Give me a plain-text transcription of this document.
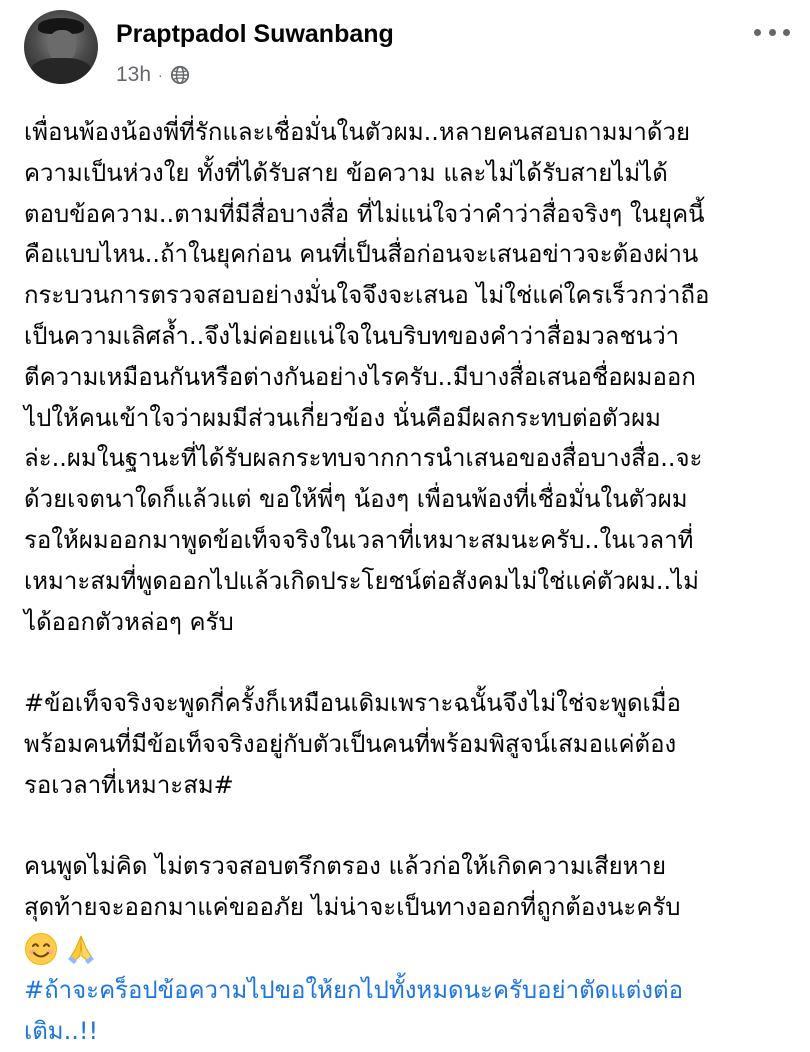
Praptpadol Suwanbang
13h ·

เพื่อนพ้องน้องพี่ที่รักและเชื่อมั่นในตัวผม..หลายคนสอบถามมาด้วย
ความเป็นห่วงใย ทั้งที่ได้รับสาย ข้อความ และไม่ได้รับสายไม่ได้
ตอบข้อความ..ตามที่มีสื่อบางสื่อ ที่ไม่แน่ใจว่าคำว่าสื่อจริงๆ ในยุคนี้
คือแบบไหน..ถ้าในยุคก่อน คนที่เป็นสื่อก่อนจะเสนอข่าวจะต้องผ่าน
กระบวนการตรวจสอบอย่างมั่นใจจึงจะเสนอ ไม่ใช่แค่ใครเร็วกว่าถือ
เป็นความเลิศล้ำ..จึงไม่ค่อยแน่ใจในบริบทของคำว่าสื่อมวลชนว่า
ตีความเหมือนกันหรือต่างกันอย่างไรครับ..มีบางสื่อเสนอชื่อผมออก
ไปให้คนเข้าใจว่าผมมีส่วนเกี่ยวข้อง นั่นคือมีผลกระทบต่อตัวผม
ล่ะ..ผมในฐานะที่ได้รับผลกระทบจากการนำเสนอของสื่อบางสื่อ..จะ
ด้วยเจตนาใดก็แล้วแต่ ขอให้พี่ๆ น้องๆ เพื่อนพ้องที่เชื่อมั่นในตัวผม
รอให้ผมออกมาพูดข้อเท็จจริงในเวลาที่เหมาะสมนะครับ..ในเวลาที่
เหมาะสมที่พูดออกไปแล้วเกิดประโยชน์ต่อสังคมไม่ใช่แค่ตัวผม..ไม่
ได้ออกตัวหล่อๆ ครับ

#ข้อเท็จจริงจะพูดกี่ครั้งก็เหมือนเดิมเพราะฉนั้นจึงไม่ใช่จะพูดเมื่อ
พร้อมคนที่มีข้อเท็จจริงอยู่กับตัวเป็นคนที่พร้อมพิสูจน์เสมอแค่ต้อง
รอเวลาที่เหมาะสม#

คนพูดไม่คิด ไม่ตรวจสอบตรึกตรอง แล้วก่อให้เกิดความเสียหาย
สุดท้ายจะออกมาแค่ขออภัย ไม่น่าจะเป็นทางออกที่ถูกต้องนะครับ

#ถ้าจะคร็อปข้อความไปขอให้ยกไปทั้งหมดนะครับอย่าตัดแต่งต่อ
เติม..!!
